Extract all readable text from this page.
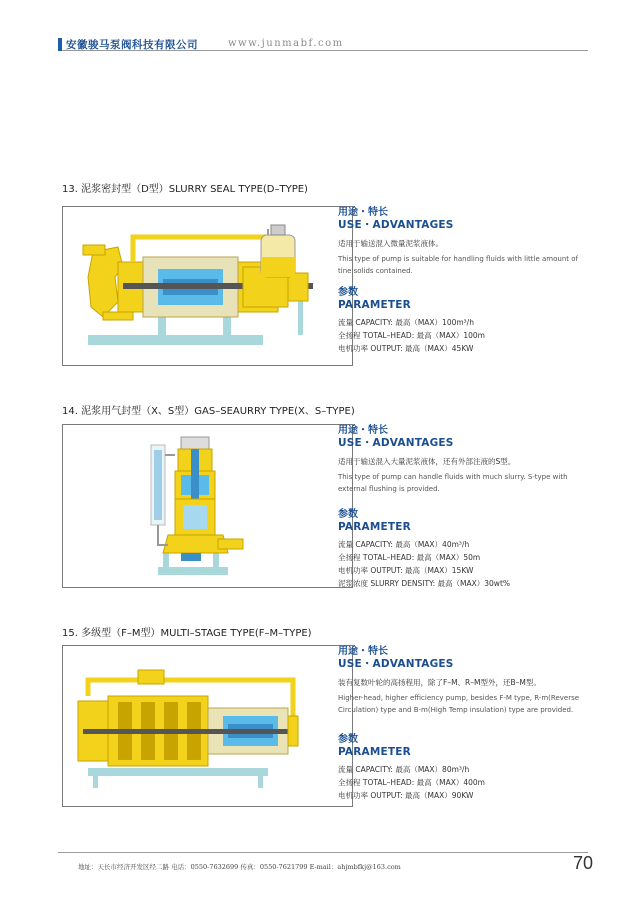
安徽骏马泵阀科技有限公司	www.junmabf.com
13. 泥浆密封型（D型）SLURRY SEAL TYPE(D–TYPE)
用途・特长
USE・ADVANTAGES
适用于输送混入微量泥浆液体。
This type of pump is suitable for handling fluids with little amount of tine solids contained.
参数
PARAMETER
流量 CAPACITY: 最高（MAX）100m³/h
全扬程 TOTAL–HEAD: 最高（MAX）100m
电机功率 OUTPUT: 最高（MAX）45KW
14. 泥浆用气封型（X、S型）GAS–SEAURRY TYPE(X、S–TYPE)
用途・特长
USE・ADVANTAGES
适用于输送混入大量泥浆液体，还有外部注液的S型。
This type of pump can handle fluids with much slurry. S-type with external flushing is provided.
参数
PARAMETER
流量 CAPACITY: 最高（MAX）40m³/h
全扬程 TOTAL–HEAD: 最高（MAX）50m
电机功率 OUTPUT: 最高（MAX）15KW
泥浆浓度 SLURRY DENSITY: 最高（MAX）30wt%
15. 多级型（F–M型）MULTI–STAGE TYPE(F–M–TYPE)
用途・特长
USE・ADVANTAGES
装有复数叶轮的高扬程用，除了F–M、R–M型外，还B–M型。
Higher-head, higher efficiency pump, besides F-M type, R-m(Reverse Circulation) type and B-m(High Temp insulation) type are provided.
参数
PARAMETER
流量 CAPACITY: 最高（MAX）80m³/h
全扬程 TOTAL–HEAD: 最高（MAX）400m
电机功率 OUTPUT: 最高（MAX）90KW
地址：天长市经济开发区经二路 电话：0550-7632699 传真：0550-7621799 E-mail：ahjmbfkj@163.com	70
